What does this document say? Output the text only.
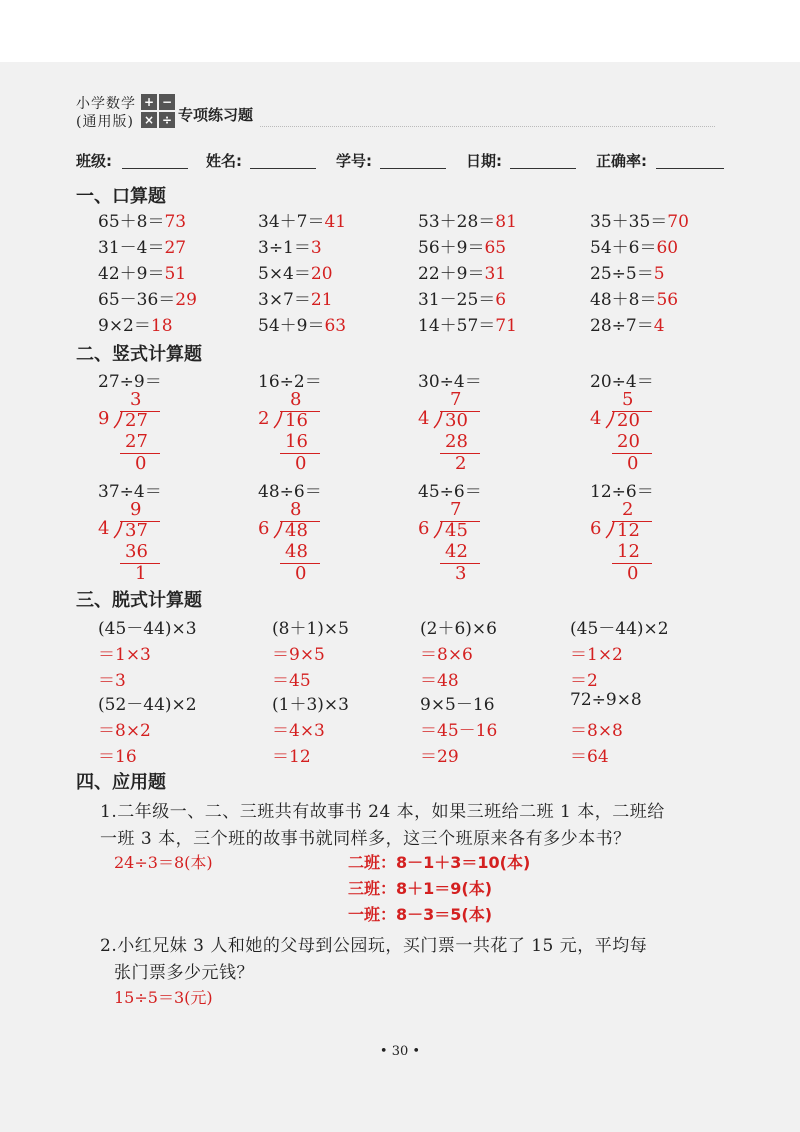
小学数学
(通用版)
+ −
× ÷ 专项练习题
班级:	姓名:	学号:	日期:	正确率:
一、口算题
65＋8＝73	34＋7＝41	53＋28＝81	35＋35＝70
31－4＝27	3÷1＝3	56＋9＝65	54＋6＝60
42＋9＝51	5×4＝20	22＋9＝31	25÷5＝5
65－36＝29	3×7＝21	31－25＝6	48＋8＝56
9×2＝18	54＋9＝63	14＋57＝71	28÷7＝4
二、竖式计算题
27÷9＝
3
9 27
27
0
16÷2＝
8
2 16
16
0
30÷4＝
7
4 30
28
2
20÷4＝
5
4 20
20
0
37÷4＝
9
4 37
36
1
48÷6＝
8
6 48
48
0
45÷6＝
7
6 45
42
3
12÷6＝
2
6 12
12
0
三、脱式计算题
(45－44)×3
＝1×3
＝3
(8＋1)×5
＝9×5
＝45
(2＋6)×6
＝8×6
＝48
(45－44)×2
＝1×2
＝2
(52－44)×2
＝8×2
＝16
(1＋3)×3
＝4×3
＝12
9×5－16
＝45－16
＝29
72÷9×8
＝8×8
＝64
四、应用题
1.二年级一、二、三班共有故事书 24 本，如果三班给二班 1 本，二班给
一班 3 本，三个班的故事书就同样多，这三个班原来各有多少本书？
24÷3＝8(本)	二班：8－1＋3＝10(本)
三班：8＋1＝9(本)
一班：8－3＝5(本)
2.小红兄妹 3 人和她的父母到公园玩，买门票一共花了 15 元，平均每
张门票多少元钱？
15÷5＝3(元)
• 30 •
